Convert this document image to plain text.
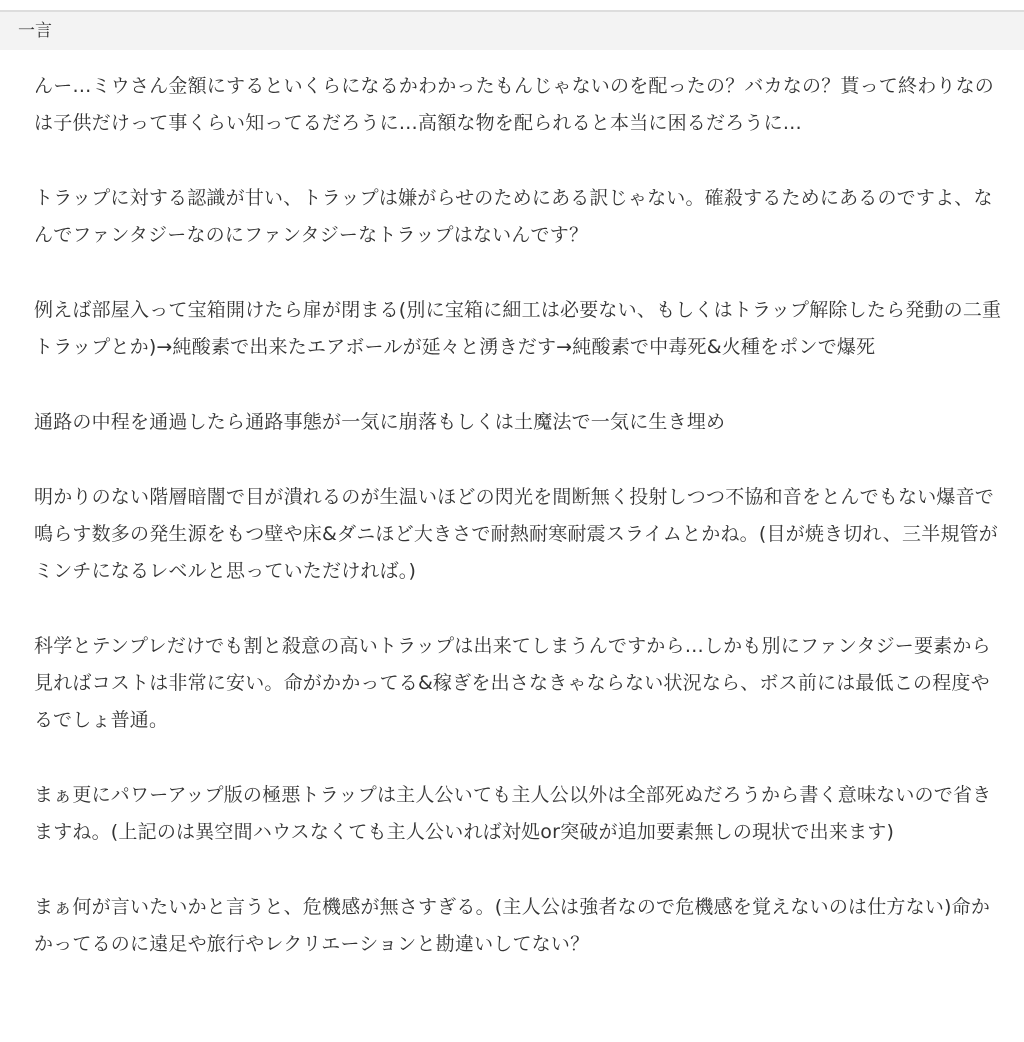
一言

んー…ミウさん金額にするといくらになるかわかったもんじゃないのを配ったの？バカなの？貰って終わりなのは子供だけって事くらい知ってるだろうに…高額な物を配られると本当に困るだろうに…

トラップに対する認識が甘い、トラップは嫌がらせのためにある訳じゃない。確殺するためにあるのですよ、なんでファンタジーなのにファンタジーなトラップはないんです？

例えば部屋入って宝箱開けたら扉が閉まる(別に宝箱に細工は必要ない、もしくはトラップ解除したら発動の二重トラップとか)→純酸素で出来たエアボールが延々と湧きだす→純酸素で中毒死&火種をポンで爆死

通路の中程を通過したら通路事態が一気に崩落もしくは土魔法で一気に生き埋め

明かりのない階層暗闇で目が潰れるのが生温いほどの閃光を間断無く投射しつつ不協和音をとんでもない爆音で鳴らす数多の発生源をもつ壁や床&ダニほど大きさで耐熱耐寒耐震スライムとかね。(目が焼き切れ、三半規管がミンチになるレベルと思っていただければ。)

科学とテンプレだけでも割と殺意の高いトラップは出来てしまうんですから…しかも別にファンタジー要素から見ればコストは非常に安い。命がかかってる&稼ぎを出さなきゃならない状況なら、ボス前には最低この程度やるでしょ普通。

まぁ更にパワーアップ版の極悪トラップは主人公いても主人公以外は全部死ぬだろうから書く意味ないので省きますね。(上記のは異空間ハウスなくても主人公いれば対処or突破が追加要素無しの現状で出来ます)

まぁ何が言いたいかと言うと、危機感が無さすぎる。(主人公は強者なので危機感を覚えないのは仕方ない)命かかってるのに遠足や旅行やレクリエーションと勘違いしてない？
